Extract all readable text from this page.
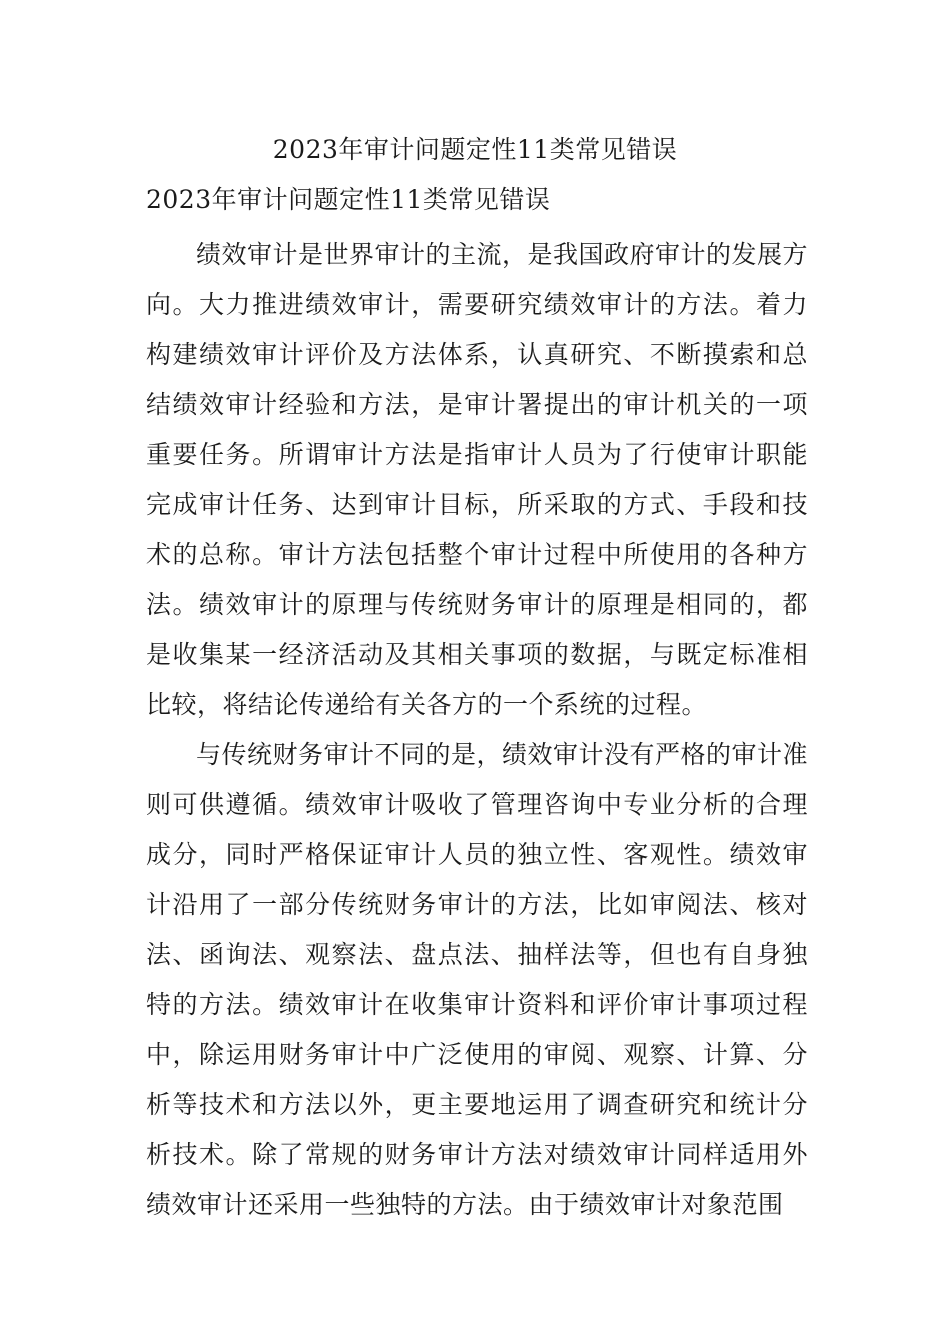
2023年审计问题定性11类常见错误
2023年审计问题定性11类常见错误

绩效审计是世界审计的主流，是我国政府审计的发展方向。大力推进绩效审计，需要研究绩效审计的方法。着力构建绩效审计评价及方法体系，认真研究、不断摸索和总结绩效审计经验和方法，是审计署提出的审计机关的一项重要任务。所谓审计方法是指审计人员为了行使审计职能完成审计任务、达到审计目标，所采取的方式、手段和技术的总称。审计方法包括整个审计过程中所使用的各种方法。绩效审计的原理与传统财务审计的原理是相同的，都是收集某一经济活动及其相关事项的数据，与既定标准相比较，将结论传递给有关各方的一个系统的过程。

与传统财务审计不同的是，绩效审计没有严格的审计准则可供遵循。绩效审计吸收了管理咨询中专业分析的合理成分，同时严格保证审计人员的独立性、客观性。绩效审计沿用了一部分传统财务审计的方法，比如审阅法、核对法、函询法、观察法、盘点法、抽样法等，但也有自身独特的方法。绩效审计在收集审计资料和评价审计事项过程中，除运用财务审计中广泛使用的审阅、观察、计算、分析等技术和方法以外，更主要地运用了调查研究和统计分析技术。除了常规的财务审计方法对绩效审计同样适用外绩效审计还采用一些独特的方法。由于绩效审计对象范围
